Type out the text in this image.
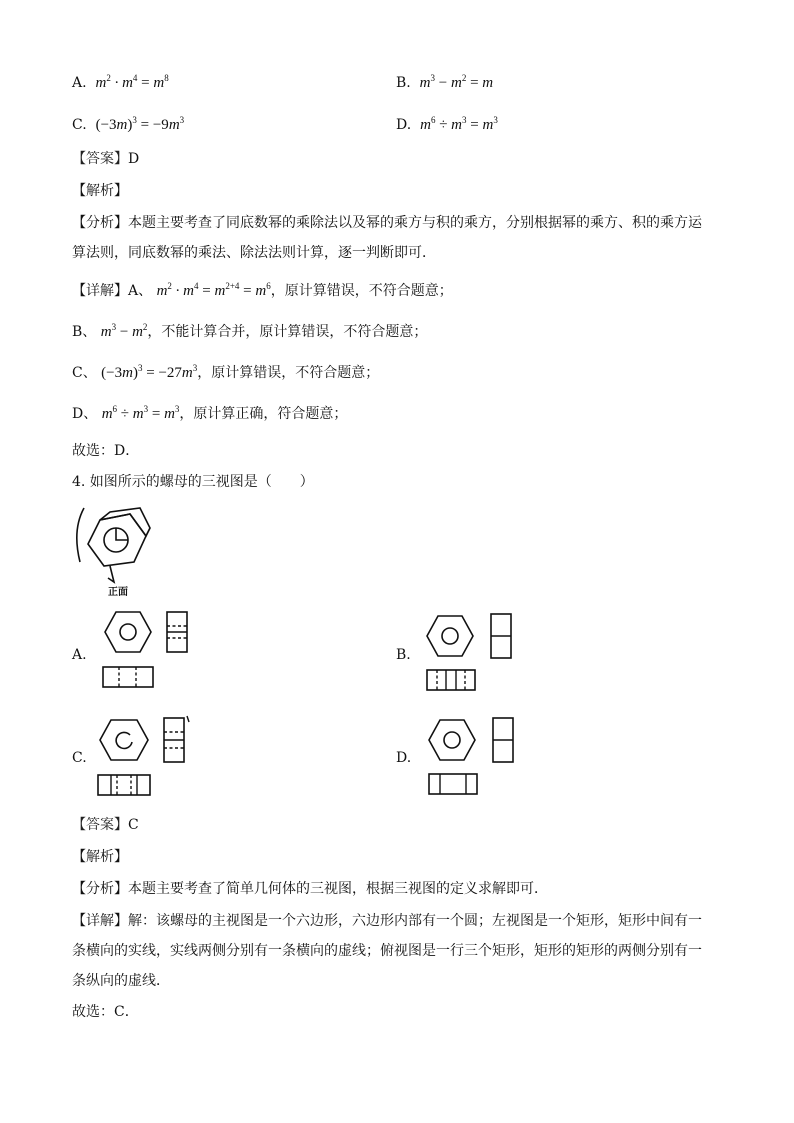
A. $m^2 \cdot m^4 = m^8$	B. $m^3 - m^2 = m$
C. $(-3m)^3 = -9m^3$	D. $m^6 \div m^3 = m^3$
【答案】D
【解析】
【分析】本题主要考查了同底数幂的乘除法以及幂的乘方与积的乘方，分别根据幂的乘方、积的乘方运算法则，同底数幂的乘法、除法法则计算，逐一判断即可．
【详解】A、 $m^2 \cdot m^4 = m^{2+4} = m^6$，原计算错误，不符合题意；
B、 $m^3 - m^2$，不能计算合并，原计算错误，不符合题意；
C、 $(-3m)^3 = -27m^3$，原计算错误，不符合题意；
D、 $m^6 \div m^3 = m^3$，原计算正确，符合题意；
故选：D．
4. 如图所示的螺母的三视图是（　　）
正面
A.	B.
C.	D.
【答案】C
【解析】
【分析】本题主要考查了简单几何体的三视图，根据三视图的定义求解即可．
【详解】解：该螺母的主视图是一个六边形，六边形内部有一个圆；左视图是一个矩形，矩形中间有一条横向的实线，实线两侧分别有一条横向的虚线；俯视图是一行三个矩形，矩形的矩形的两侧分别有一条纵向的虚线．
故选：C．
